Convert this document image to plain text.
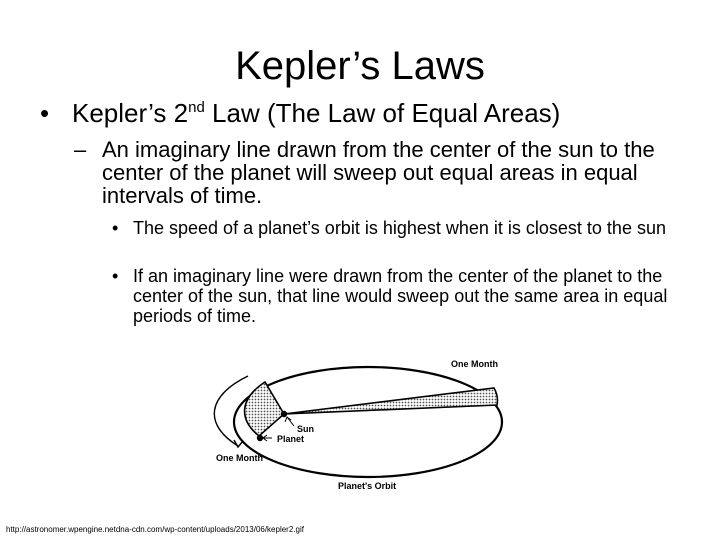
Kepler’s Laws
• Kepler’s 2nd Law (The Law of Equal Areas)
– An imaginary line drawn from the center of the sun to the center of the planet will sweep out equal areas in equal intervals of time.
• The speed of a planet’s orbit is highest when it is closest to the sun
• If an imaginary line were drawn from the center of the planet to the center of the sun, that line would sweep out the same area in equal periods of time.
One Month
One Month
Sun
Planet
Planet's Orbit
http://astronomer.wpengine.netdna-cdn.com/wp-content/uploads/2013/06/kepler2.gif
